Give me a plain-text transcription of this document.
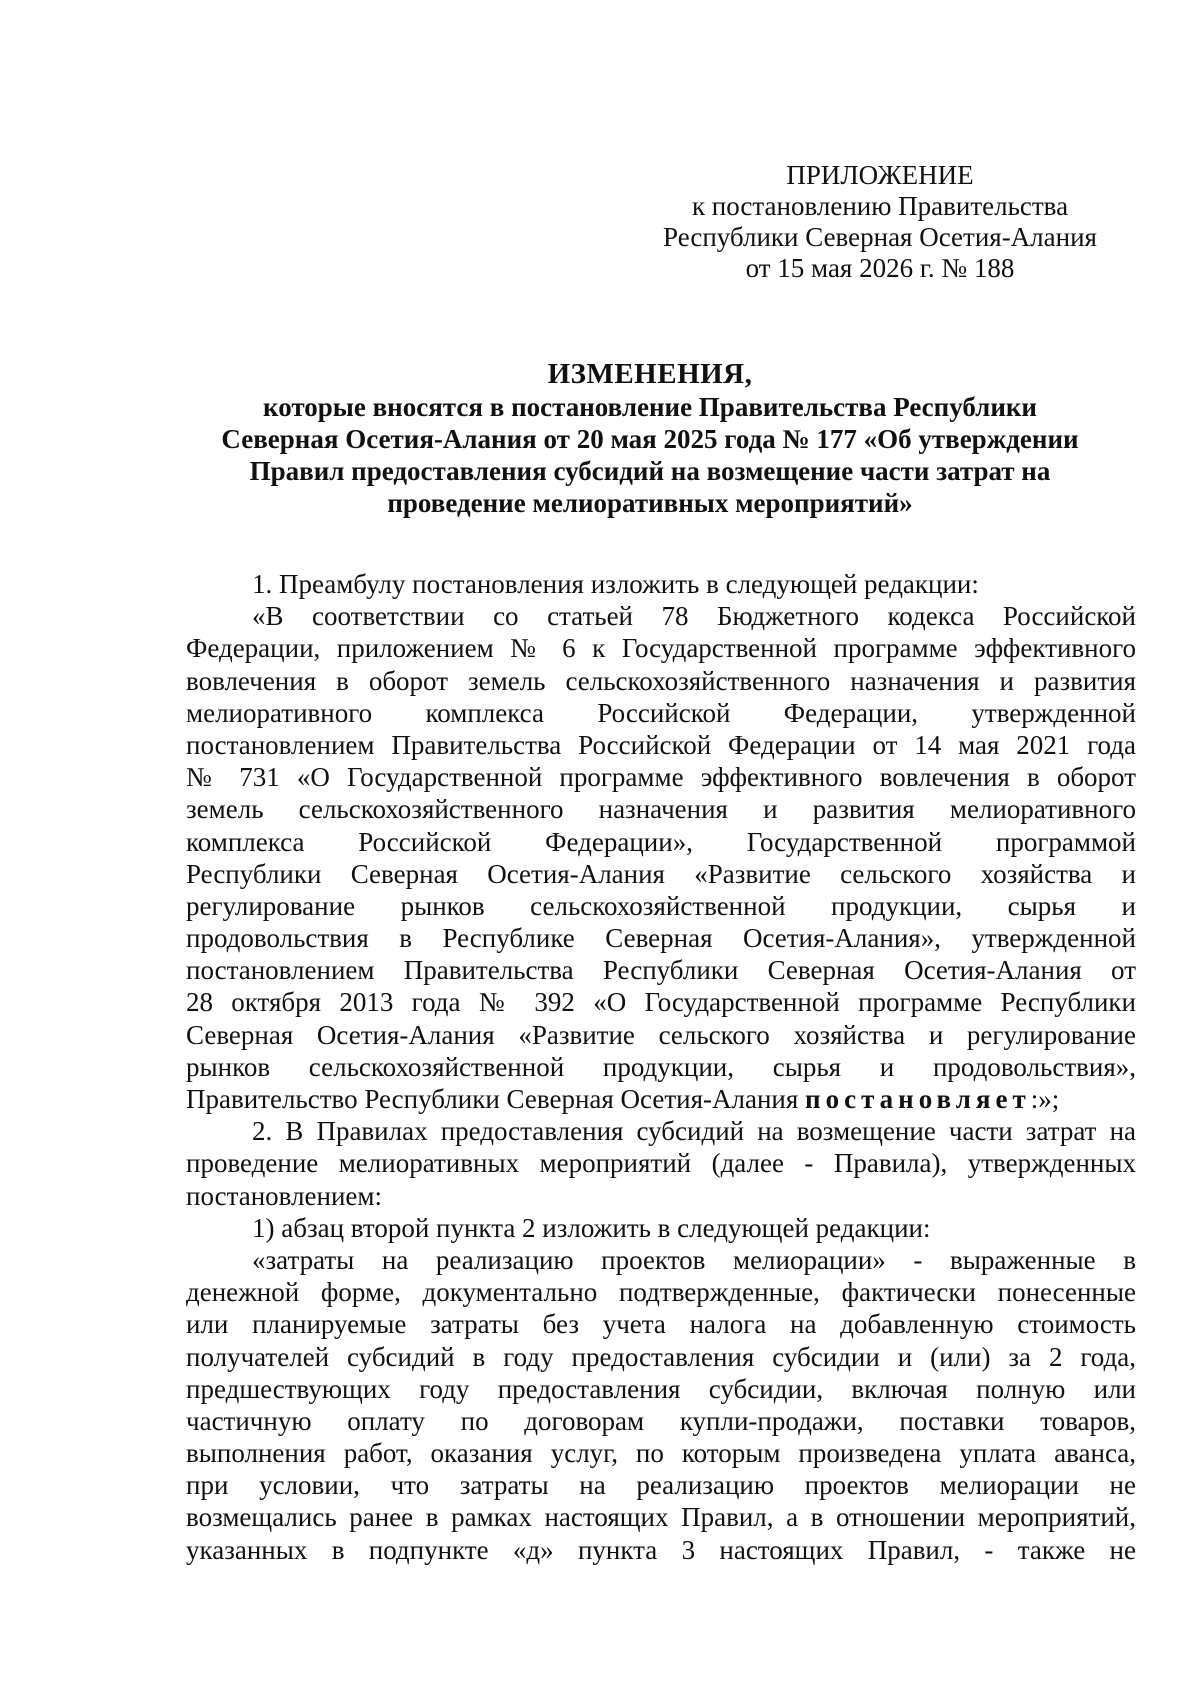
ПРИЛОЖЕНИЕ
к постановлению Правительства
Республики Северная Осетия-Алания
от 15 мая 2026 г. № 188
ИЗМЕНЕНИЯ,
которые вносятся в постановление Правительства Республики
Северная Осетия-Алания от 20 мая 2025 года № 177 «Об утверждении
Правил предоставления субсидий на возмещение части затрат на
проведение мелиоративных мероприятий»
1. Преамбулу постановления изложить в следующей редакции:
«В соответствии со статьей 78 Бюджетного кодекса Российской
Федерации, приложением № 6 к Государственной программе эффективного
вовлечения в оборот земель сельскохозяйственного назначения и развития
мелиоративного комплекса Российской Федерации, утвержденной
постановлением Правительства Российской Федерации от 14 мая 2021 года
№ 731 «О Государственной программе эффективного вовлечения в оборот
земель сельскохозяйственного назначения и развития мелиоративного
комплекса Российской Федерации», Государственной программой
Республики Северная Осетия-Алания «Развитие сельского хозяйства и
регулирование рынков сельскохозяйственной продукции, сырья и
продовольствия в Республике Северная Осетия-Алания», утвержденной
постановлением Правительства Республики Северная Осетия-Алания от
28 октября 2013 года № 392 «О Государственной программе Республики
Северная Осетия-Алания «Развитие сельского хозяйства и регулирование
рынков сельскохозяйственной продукции, сырья и продовольствия»,
Правительство Республики Северная Осетия-Алания постановляет:»;
2. В Правилах предоставления субсидий на возмещение части затрат на
проведение мелиоративных мероприятий (далее - Правила), утвержденных
постановлением:
1) абзац второй пункта 2 изложить в следующей редакции:
«затраты на реализацию проектов мелиорации» - выраженные в
денежной форме, документально подтвержденные, фактически понесенные
или планируемые затраты без учета налога на добавленную стоимость
получателей субсидий в году предоставления субсидии и (или) за 2 года,
предшествующих году предоставления субсидии, включая полную или
частичную оплату по договорам купли-продажи, поставки товаров,
выполнения работ, оказания услуг, по которым произведена уплата аванса,
при условии, что затраты на реализацию проектов мелиорации не
возмещались ранее в рамках настоящих Правил, а в отношении мероприятий,
указанных в подпункте «д» пункта 3 настоящих Правил, - также не
